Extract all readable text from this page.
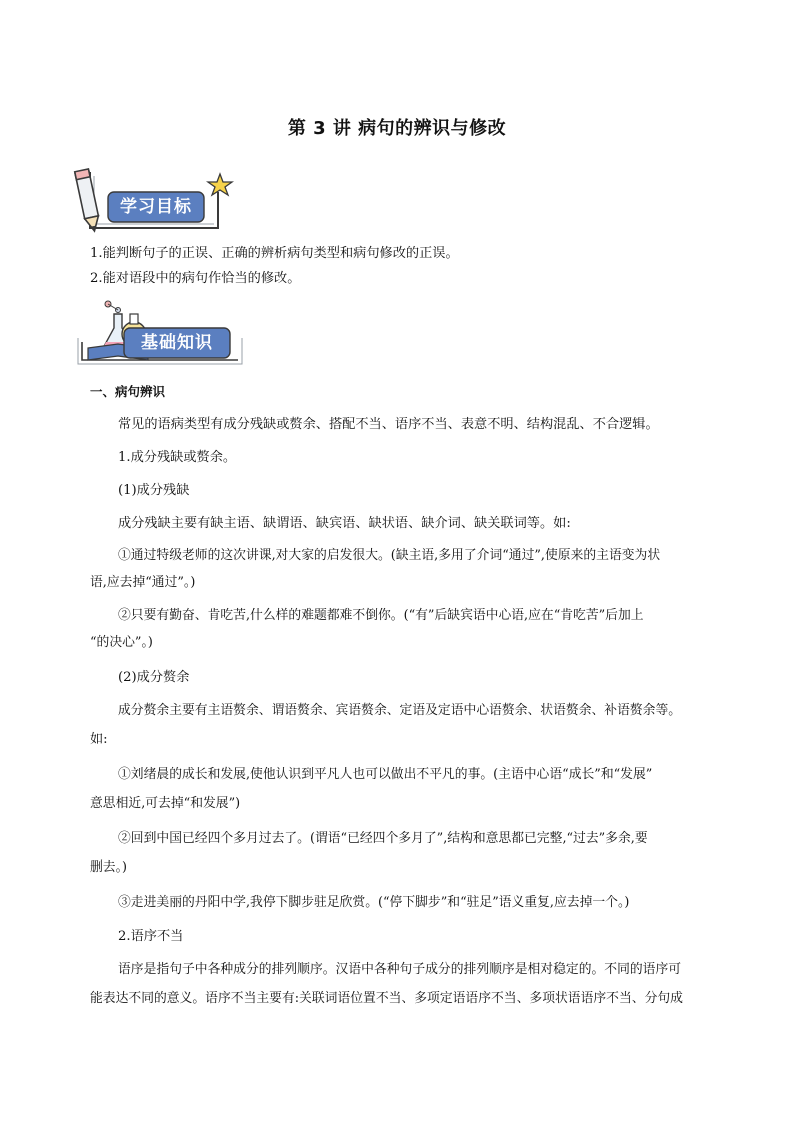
第 3 讲 病句的辨识与修改
学习目标
1.能判断句子的正误、正确的辨析病句类型和病句修改的正误。
2.能对语段中的病句作恰当的修改。
基础知识
一、病句辨识
常见的语病类型有成分残缺或赘余、搭配不当、语序不当、表意不明、结构混乱、不合逻辑。
1.成分残缺或赘余。
(1)成分残缺
成分残缺主要有缺主语、缺谓语、缺宾语、缺状语、缺介词、缺关联词等。如:
①通过特级老师的这次讲课,对大家的启发很大。(缺主语,多用了介词“通过”,使原来的主语变为状
语,应去掉“通过”。)
②只要有勤奋、肯吃苦,什么样的难题都难不倒你。(“有”后缺宾语中心语,应在“肯吃苦”后加上
“的决心”。)
(2)成分赘余
成分赘余主要有主语赘余、谓语赘余、宾语赘余、定语及定语中心语赘余、状语赘余、补语赘余等。
如:
①刘绪晨的成长和发展,使他认识到平凡人也可以做出不平凡的事。(主语中心语“成长”和“发展”
意思相近,可去掉“和发展”)
②回到中国已经四个多月过去了。(谓语“已经四个多月了”,结构和意思都已完整,“过去”多余,要
删去。)
③走进美丽的丹阳中学,我停下脚步驻足欣赏。(“停下脚步”和“驻足”语义重复,应去掉一个。)
2.语序不当
语序是指句子中各种成分的排列顺序。汉语中各种句子成分的排列顺序是相对稳定的。不同的语序可
能表达不同的意义。语序不当主要有:关联词语位置不当、多项定语语序不当、多项状语语序不当、分句成
